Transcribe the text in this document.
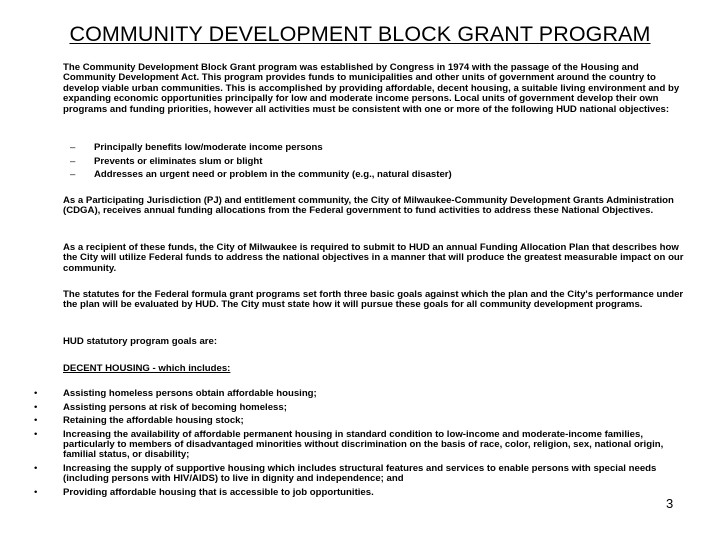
COMMUNITY DEVELOPMENT BLOCK GRANT PROGRAM

The Community Development Block Grant program was established by Congress in 1974 with the passage of the Housing and Community Development Act. This program provides funds to municipalities and other units of government around the country to develop viable urban communities. This is accomplished by providing affordable, decent housing, a suitable living environment and by expanding economic opportunities principally for low and moderate income persons. Local units of government develop their own programs and funding priorities, however all activities must be consistent with one or more of the following HUD national objectives:

– Principally benefits low/moderate income persons
– Prevents or eliminates slum or blight
– Addresses an urgent need or problem in the community (e.g., natural disaster)

As a Participating Jurisdiction (PJ) and entitlement community, the City of Milwaukee-Community Development Grants Administration (CDGA), receives annual funding allocations from the Federal government to fund activities to address these National Objectives.

As a recipient of these funds, the City of Milwaukee is required to submit to HUD an annual Funding Allocation Plan that describes how the City will utilize Federal funds to address the national objectives in a manner that will produce the greatest measurable impact on our community.

The statutes for the Federal formula grant programs set forth three basic goals against which the plan and the City's performance under the plan will be evaluated by HUD. The City must state how it will pursue these goals for all community development programs.

HUD statutory program goals are:

DECENT HOUSING - which includes:
•	Assisting homeless persons obtain affordable housing;
•	Assisting persons at risk of becoming homeless;
•	Retaining the affordable housing stock;
•	Increasing the availability of affordable permanent housing in standard condition to low-income and moderate-income families, particularly to members of disadvantaged minorities without discrimination on the basis of race, color, religion, sex, national origin, familial status, or disability;
•	Increasing the supply of supportive housing which includes structural features and services to enable persons with special needs (including persons with HIV/AIDS) to live in dignity and independence; and
•	Providing affordable housing that is accessible to job opportunities.
3
